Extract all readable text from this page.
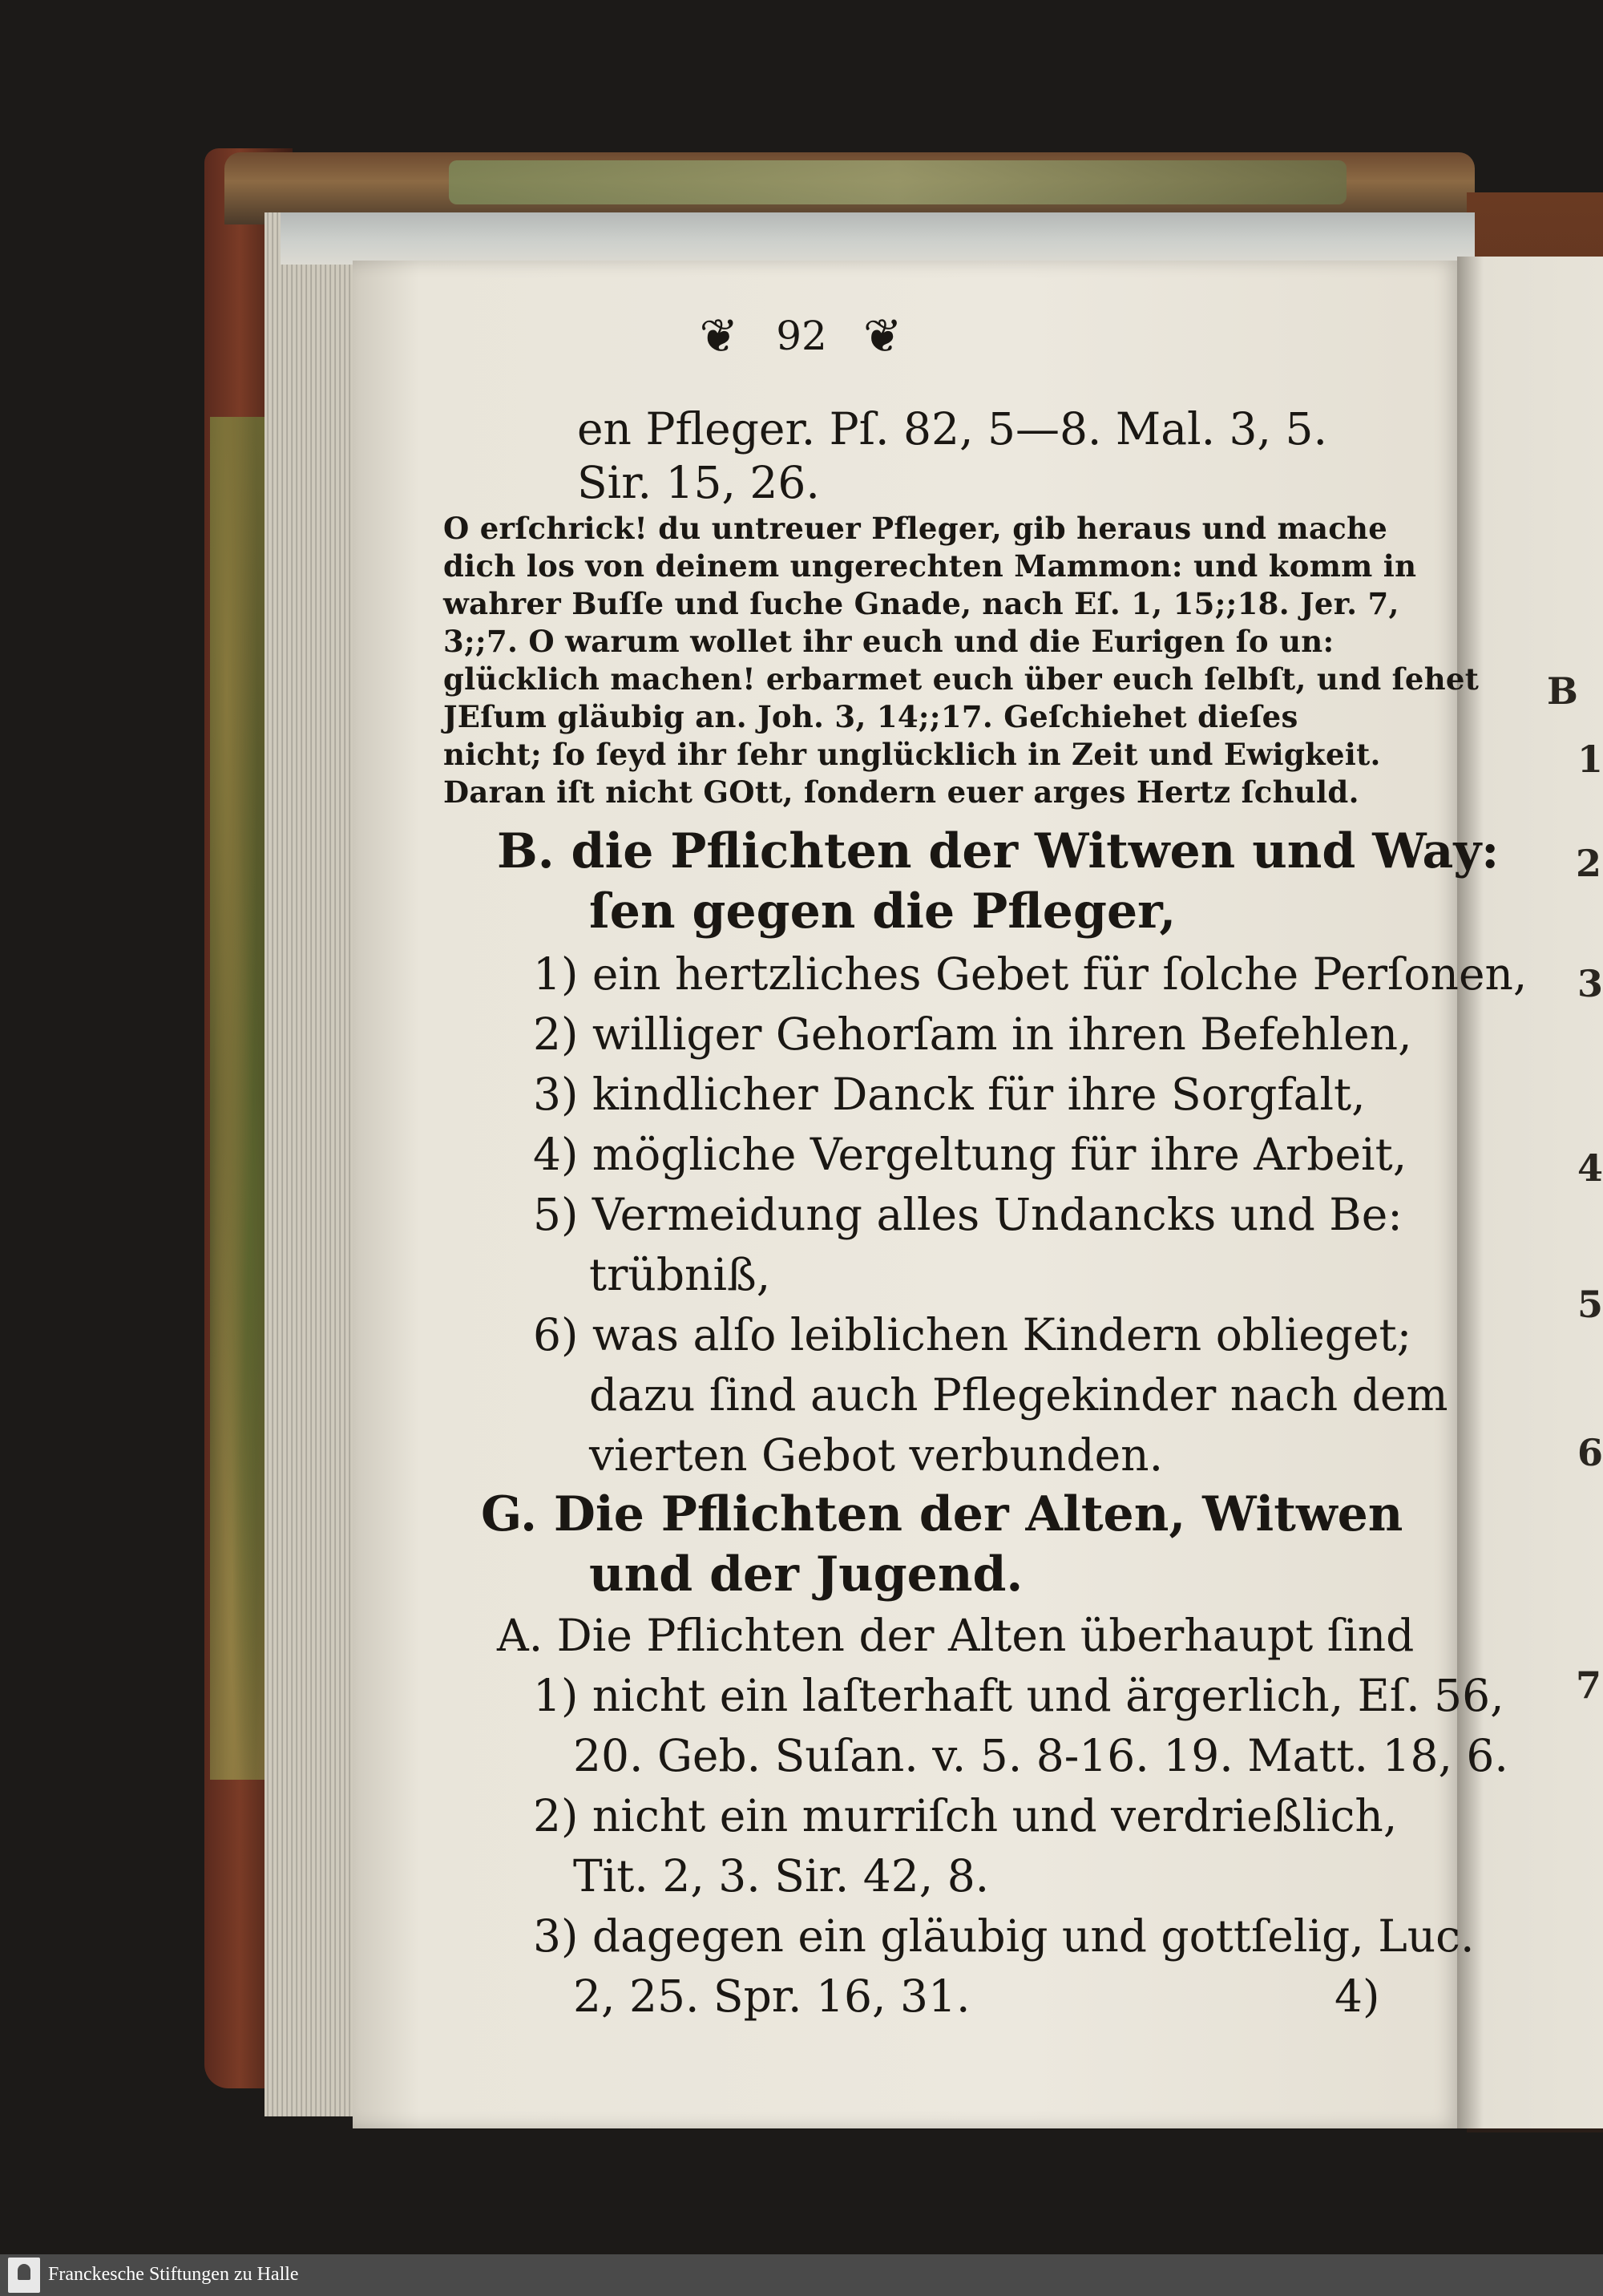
B
1
2
3
4
5
6
7
❦ 92 ❦
en Pfleger. Pſ. 82, 5—8. Mal. 3, 5.
Sir. 15, 26.
O erſchrick! du untreuer Pfleger, gib heraus und mache
dich los von deinem ungerechten Mammon: und komm in
wahrer Buſſe und ſuche Gnade, nach Eſ. 1, 15;;18. Jer. 7,
3;;7. O warum wollet ihr euch und die Eurigen ſo un:
glücklich machen! erbarmet euch über euch ſelbſt, und ſehet
JEſum gläubig an. Joh. 3, 14;;17. Geſchiehet dieſes
nicht; ſo ſeyd ihr ſehr unglücklich in Zeit und Ewigkeit.
Daran iſt nicht GOtt, ſondern euer arges Hertz ſchuld.
B. die Pflichten der Witwen und Way:
ſen gegen die Pfleger,
1) ein hertzliches Gebet für ſolche Perſonen,
2) williger Gehorſam in ihren Befehlen,
3) kindlicher Danck für ihre Sorgfalt,
4) mögliche Vergeltung für ihre Arbeit,
5) Vermeidung alles Undancks und Be:
trübniß,
6) was alſo leiblichen Kindern oblieget;
dazu ſind auch Pflegekinder nach dem
vierten Gebot verbunden.
G. Die Pflichten der Alten, Witwen
und der Jugend.
A. Die Pflichten der Alten überhaupt ſind
1) nicht ein laſterhaft und ärgerlich, Eſ. 56,
20. Geb. Suſan. v. 5. 8-16. 19. Matt. 18, 6.
2) nicht ein murriſch und verdrießlich,
Tit. 2, 3. Sir. 42, 8.
3) dagegen ein gläubig und gottſelig, Luc.
2, 25. Spr. 16, 31.	4)
Franckesche Stiftungen zu Halle
